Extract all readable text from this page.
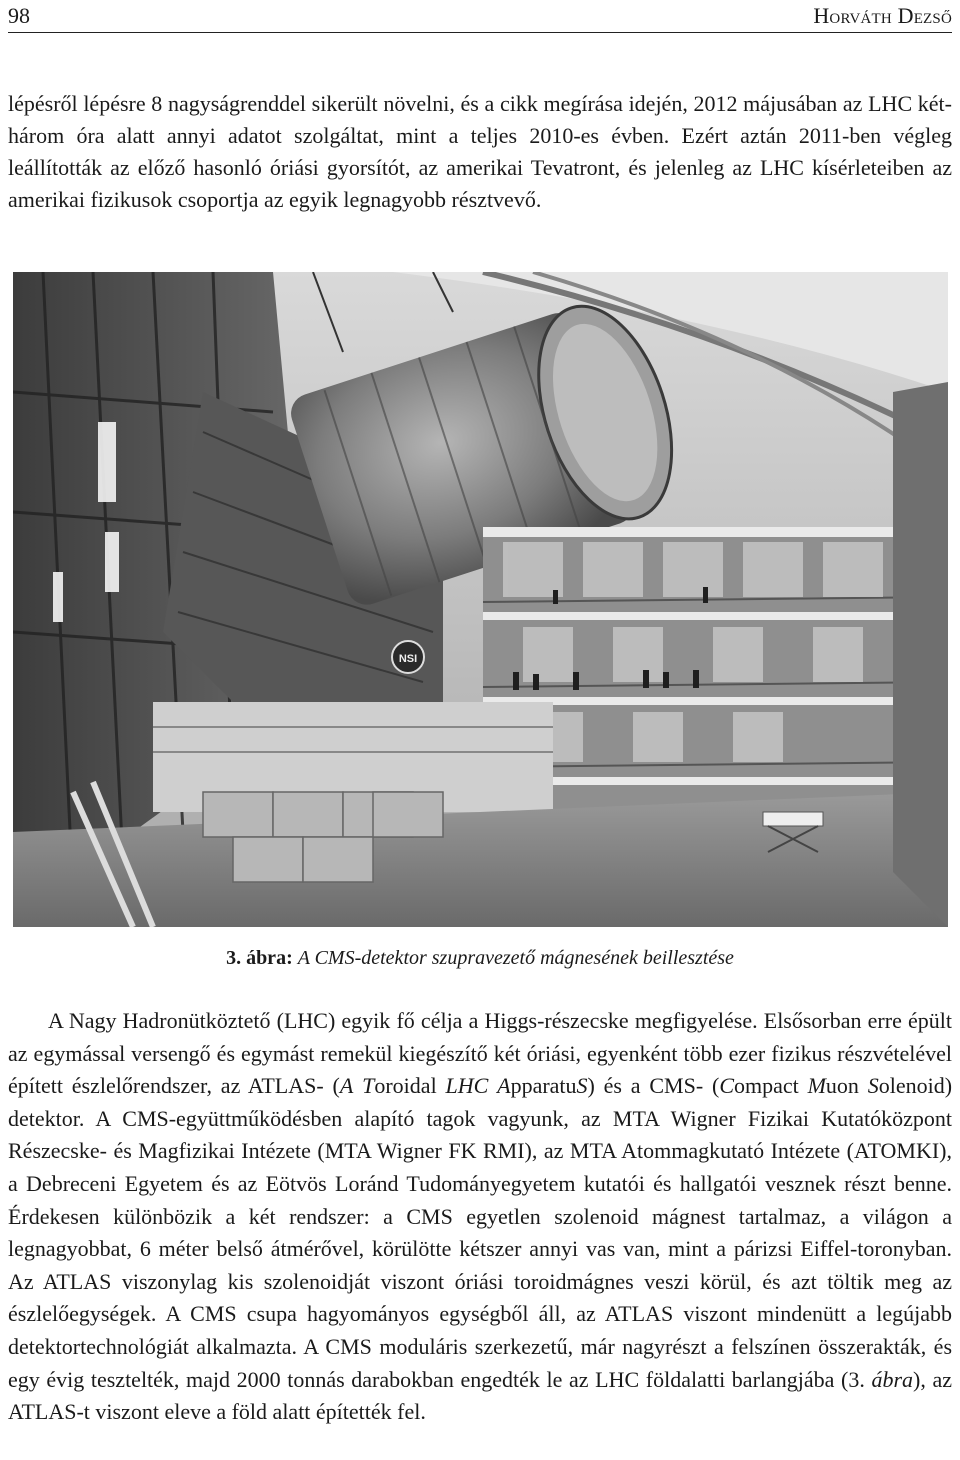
98	Horváth Dezső

lépésről lépésre 8 nagyságrenddel sikerült növelni, és a cikk megírása idején, 2012 májusában az LHC két-három óra alatt annyi adatot szolgáltat, mint a teljes 2010-es évben. Ezért aztán 2011-ben végleg leállították az előző hasonló óriási gyorsítót, az amerikai Tevatront, és jelenleg az LHC kísérleteiben az amerikai fizikusok csoportja az egyik legnagyobb résztvevő.

NSI
3. ábra: A CMS-detektor szupravezető mágnesének beillesztése

A Nagy Hadronütköztető (LHC) egyik fő célja a Higgs-részecske megfigyelése. Elsősorban erre épült az egymással versengő és egymást remekül kiegészítő két óriási, egyenként több ezer fizikus részvételével épített észlelőrendszer, az ATLAS- (A Toroidal LHC ApparatuS) és a CMS- (Compact Muon Solenoid) detektor. A CMS-együttműködésben alapító tagok vagyunk, az MTA Wigner Fizikai Kutatóközpont Részecske- és Magfizikai Intézete (MTA Wigner FK RMI), az MTA Atommagkutató Intézete (ATOMKI), a Debreceni Egyetem és az Eötvös Loránd Tudományegyetem kutatói és hallgatói vesznek részt benne. Érdekesen különbözik a két rendszer: a CMS egyetlen szolenoid mágnest tartalmaz, a világon a legnagyobbat, 6 méter belső átmérővel, körülötte kétszer annyi vas van, mint a párizsi Eiffel-toronyban. Az ATLAS viszonylag kis szolenoidját viszont óriási toroidmágnes veszi körül, és azt töltik meg az észlelőegységek. A CMS csupa hagyományos egységből áll, az ATLAS viszont mindenütt a legújabb detektortechnológiát alkalmazta. A CMS moduláris szerkezetű, már nagyrészt a felszínen összerakták, és egy évig tesztelték, majd 2000 tonnás darabokban engedték le az LHC földalatti barlangjába (3. ábra), az ATLAS-t viszont eleve a föld alatt építették fel.
